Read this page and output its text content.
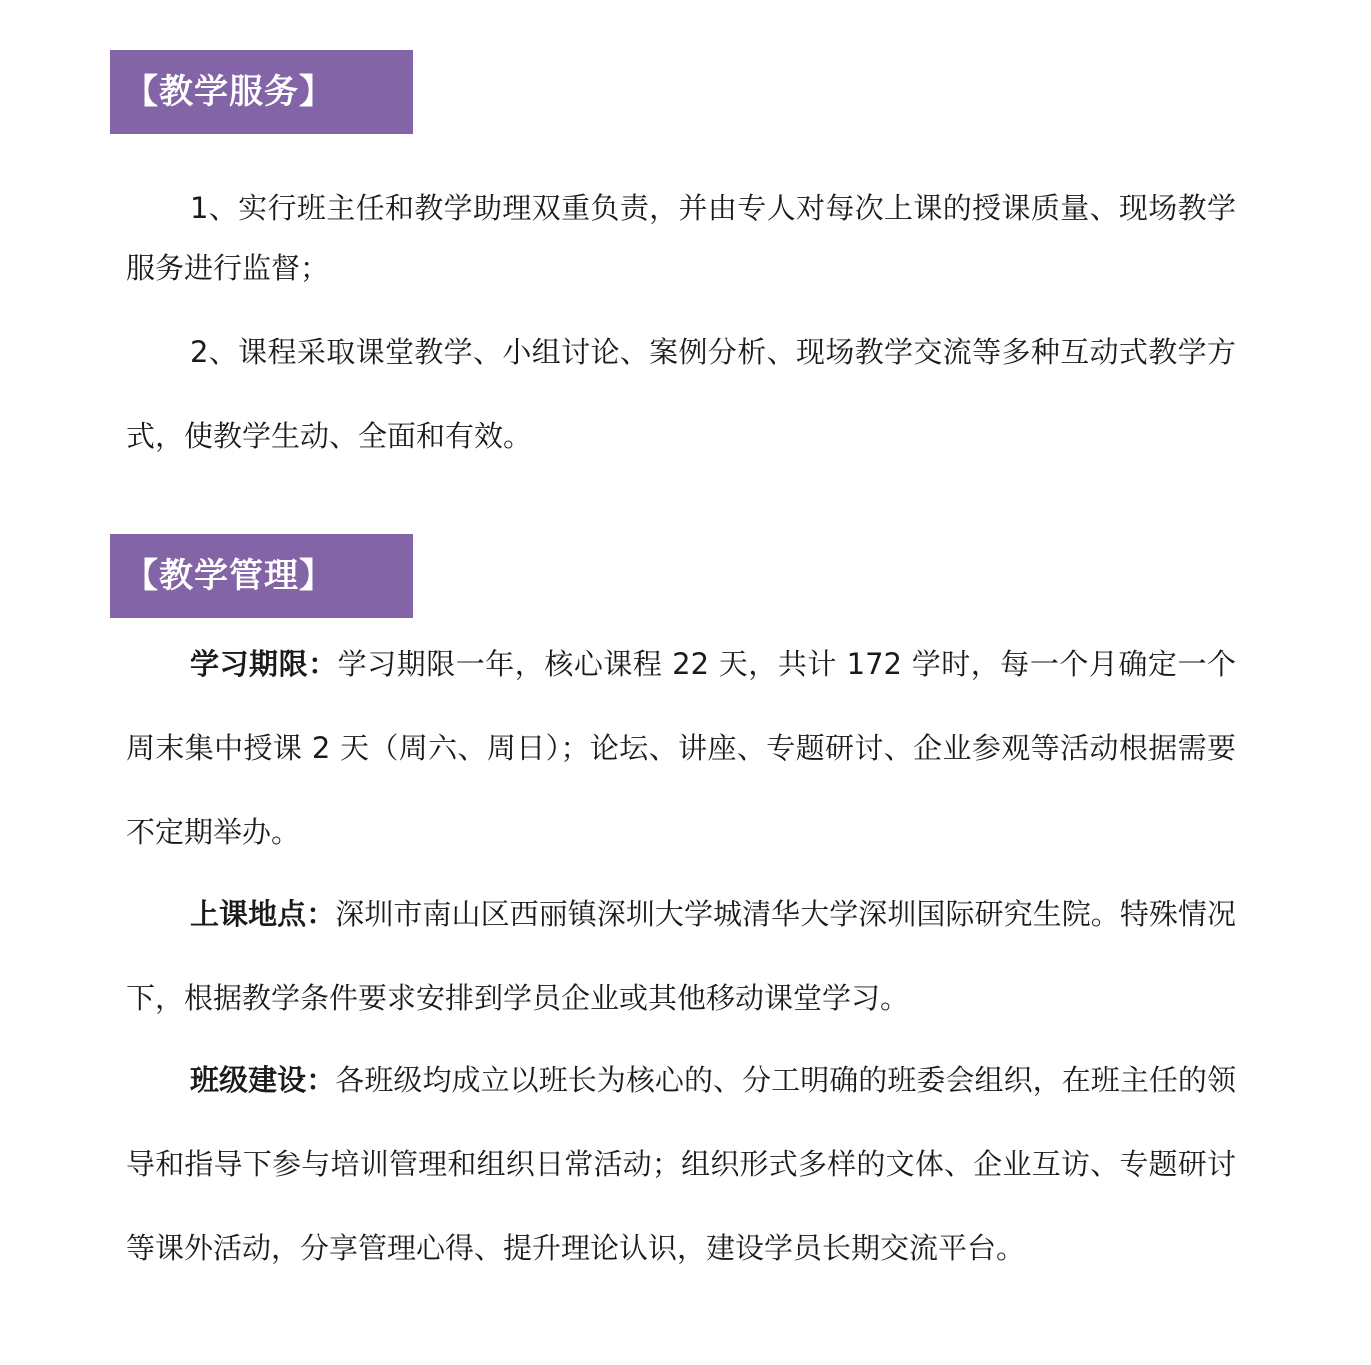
【教学服务】

1、实行班主任和教学助理双重负责，并由专人对每次上课的授课质量、现场教学服务进行监督；

2、课程采取课堂教学、小组讨论、案例分析、现场教学交流等多种互动式教学方式，使教学生动、全面和有效。

【教学管理】

学习期限：学习期限一年，核心课程 22 天，共计 172 学时，每一个月确定一个周末集中授课 2 天（周六、周日）；论坛、讲座、专题研讨、企业参观等活动根据需要不定期举办。

上课地点：深圳市南山区西丽镇深圳大学城清华大学深圳国际研究生院。特殊情况下，根据教学条件要求安排到学员企业或其他移动课堂学习。

班级建设：各班级均成立以班长为核心的、分工明确的班委会组织，在班主任的领导和指导下参与培训管理和组织日常活动；组织形式多样的文体、企业互访、专题研讨等课外活动，分享管理心得、提升理论认识，建设学员长期交流平台。
